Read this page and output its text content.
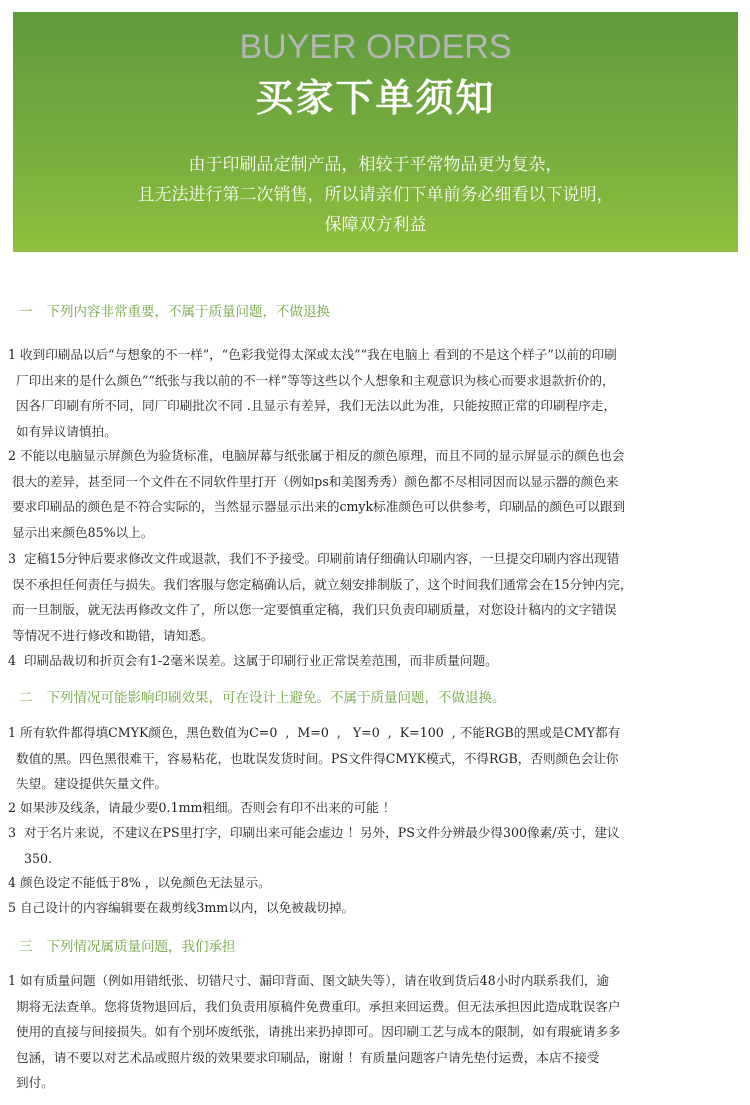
BUYER ORDERS
买家下单须知
由于印刷品定制产品，相较于平常物品更为复杂，
且无法进行第二次销售，所以请亲们下单前务必细看以下说明，
保障双方利益
一 下列内容非常重要，不属于质量问题，不做退换
1 收到印刷品以后“与想象的不一样”，“色彩我觉得太深或太浅”“我在电脑上 看到的不是这个样子”以前的印刷
厂印出来的是什么颜色”“纸张与我以前的不一样”等等这些以个人想象和主观意识为核心而要求退款折价的，
因各厂印刷有所不同，同厂印刷批次不同 .且显示有差异，我们无法以此为准，只能按照正常的印刷程序走，
如有异议请慎拍。
2 不能以电脑显示屏颜色为验货标准，电脑屏幕与纸张属于相反的颜色原理，而且不同的显示屏显示的颜色也会
很大的差异，甚至同一个文件在不同软件里打开（例如ps和美图秀秀）颜色都不尽相同因而以显示器的颜色来
要求印刷品的颜色是不符合实际的，当然显示器显示出来的cmyk标准颜色可以供参考，印刷品的颜色可以跟到
显示出来颜色85%以上。
3  定稿15分钟后要求修改文件或退款，我们不予接受。印刷前请仔细确认印刷内容，一旦提交印刷内容出现错
误不承担任何责任与损失。我们客服与您定稿确认后，就立刻安排制版了，这个时间我们通常会在15分钟内完，
而一旦制版，就无法再修改文件了，所以您一定要慎重定稿，我们只负责印刷质量，对您设计稿内的文字错误
等情况不进行修改和勘错，请知悉。
4  印刷品裁切和折页会有1-2毫米误差。这属于印刷行业正常误差范围，而非质量问题。
二 下列情况可能影响印刷效果，可在设计上避免。不属于质量问题，不做退换。
1 所有软件都得填CMYK颜色，黑色数值为C=0  ,  M=0  ,   Y=0  ,  K=100  , 不能RGB的黑或是CMY都有
数值的黑。四色黑很难干，容易粘花，也耽误发货时间。PS文件得CMYK模式，不得RGB，否则颜色会让你
失望。建设提供矢量文件。
2 如果涉及线条，请最少要0.1mm粗细。否则会有印不出来的可能 ！
3  对于名片来说，不建议在PS里打字，印刷出来可能会虚边 ！另外，PS文件分辨最少得300像素/英寸，建议
350.
4 颜色设定不能低于8% ，以免颜色无法显示。
5 自己设计的内容编辑要在裁剪线3mm以内，以免被裁切掉。
三 下列情况属质量问题，我们承担
1 如有质量问题（例如用错纸张、切错尺寸、漏印背面、图文缺失等），请在收到货后48小时内联系我们，逾
期将无法查单。您将货物退回后，我们负责用原稿件免费重印。承担来回运费。但无法承担因此造成耽误客户
使用的直接与间接损失。如有个别坏废纸张，请挑出来扔掉即可。因印刷工艺与成本的限制，如有瑕疵请多多
包涵，请不要以对艺术品或照片级的效果要求印刷品，谢谢 ！有质量问题客户请先垫付运费，本店不接受
到付。
